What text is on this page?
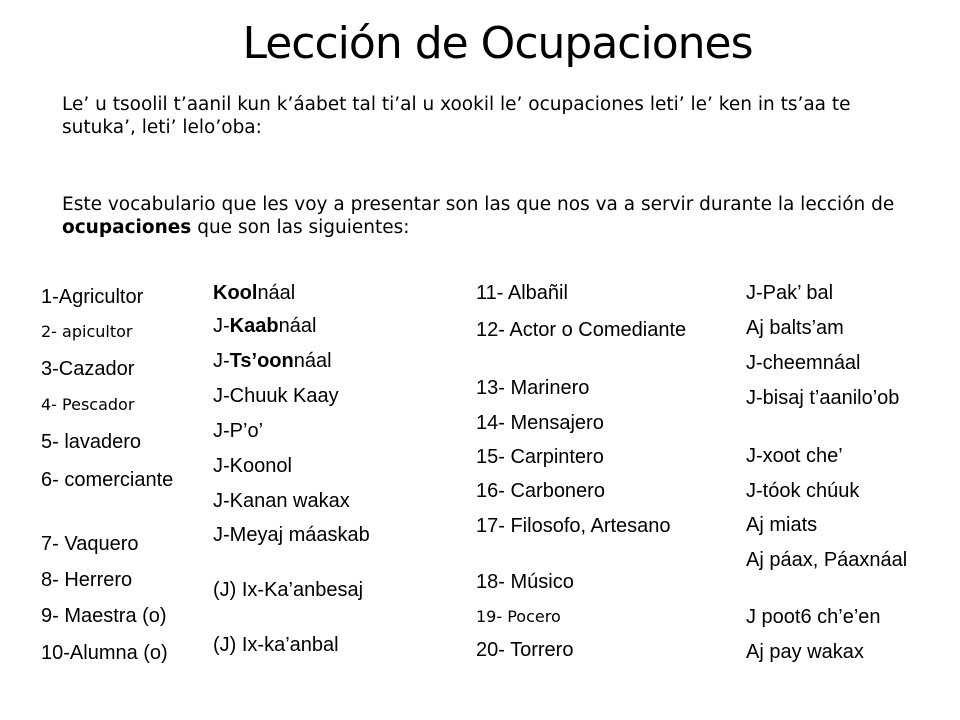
Lección de Ocupaciones
Le’ u tsoolil t’aanil kun k’áabet tal ti’al u xookil le’ ocupaciones leti’ le’ ken in ts’aa te sutuka’, leti’ lelo’oba:
Este vocabulario que les voy a presentar son las que nos va a servir durante la lección de ocupaciones que son las siguientes:
1-Agricultor
2- apicultor
3-Cazador
4- Pescador
5- lavadero
6- comerciante
7- Vaquero
8- Herrero
9- Maestra (o)
10-Alumna (o)
Koolnáal
J-Kaabnáal
J-Ts’oonnáal
J-Chuuk Kaay
J-P’o’
J-Koonol
J-Kanan wakax
J-Meyaj máaskab
(J) Ix-Ka’anbesaj
(J) Ix-ka’anbal
11- Albañil
12- Actor o Comediante
13- Marinero
14- Mensajero
15- Carpintero
16- Carbonero
17- Filosofo, Artesano
18- Músico
19- Pocero
20- Torrero
J-Pak’ bal
Aj balts’am
J-cheemnáal
J-bisaj t’aanilo’ob
J-xoot che’
J-tóok chúuk
Aj miats
Aj páax, Páaxnáal
J poot6 ch’e’en
Aj pay wakax
